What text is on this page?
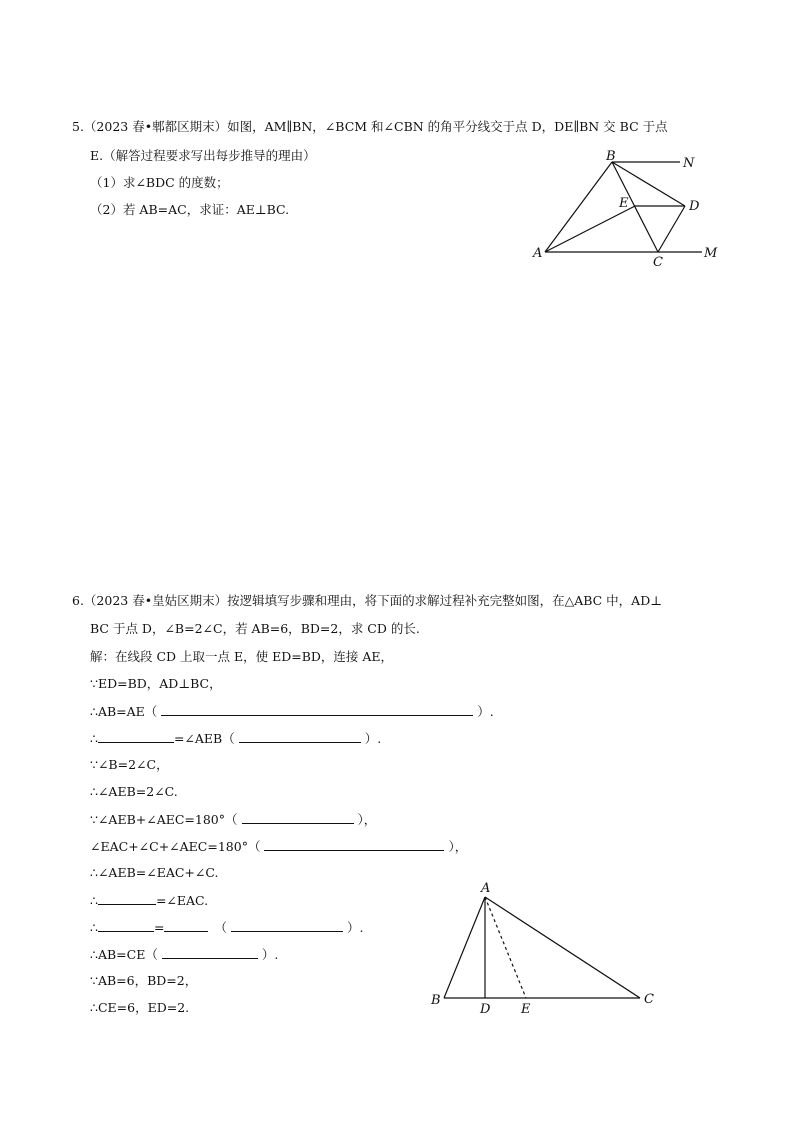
5.（2023 春•郫都区期末）如图，AM∥BN，∠BCM 和∠CBN 的角平分线交于点 D，DE∥BN 交 BC 于点
E.（解答过程要求写出每步推导的理由）
（1）求∠BDC 的度数；
（2）若 AB=AC，求证：AE⊥BC.
B	N
E	D
A
C
M
6.（2023 春•皇姑区期末）按逻辑填写步骤和理由，将下面的求解过程补充完整如图，在△ABC 中，AD⊥
BC 于点 D，∠B=2∠C，若 AB=6，BD=2，求 CD 的长.
解：在线段 CD 上取一点 E，使 ED=BD，连接 AE，
∵ED=BD，AD⊥BC，
∴AB=AE（	）.
∴	=∠AEB（	）.
∵∠B=2∠C，
∴∠AEB=2∠C.
∵∠AEB+∠AEC=180°（	），
∠EAC+∠C+∠AEC=180°（	），
∴∠AEB=∠EAC+∠C.
∴	=∠EAC.
∴	=	（	）.
∴AB=CE（	）.
∵AB=6，BD=2，
∴CE=6，ED=2.
A
B
D E
C
